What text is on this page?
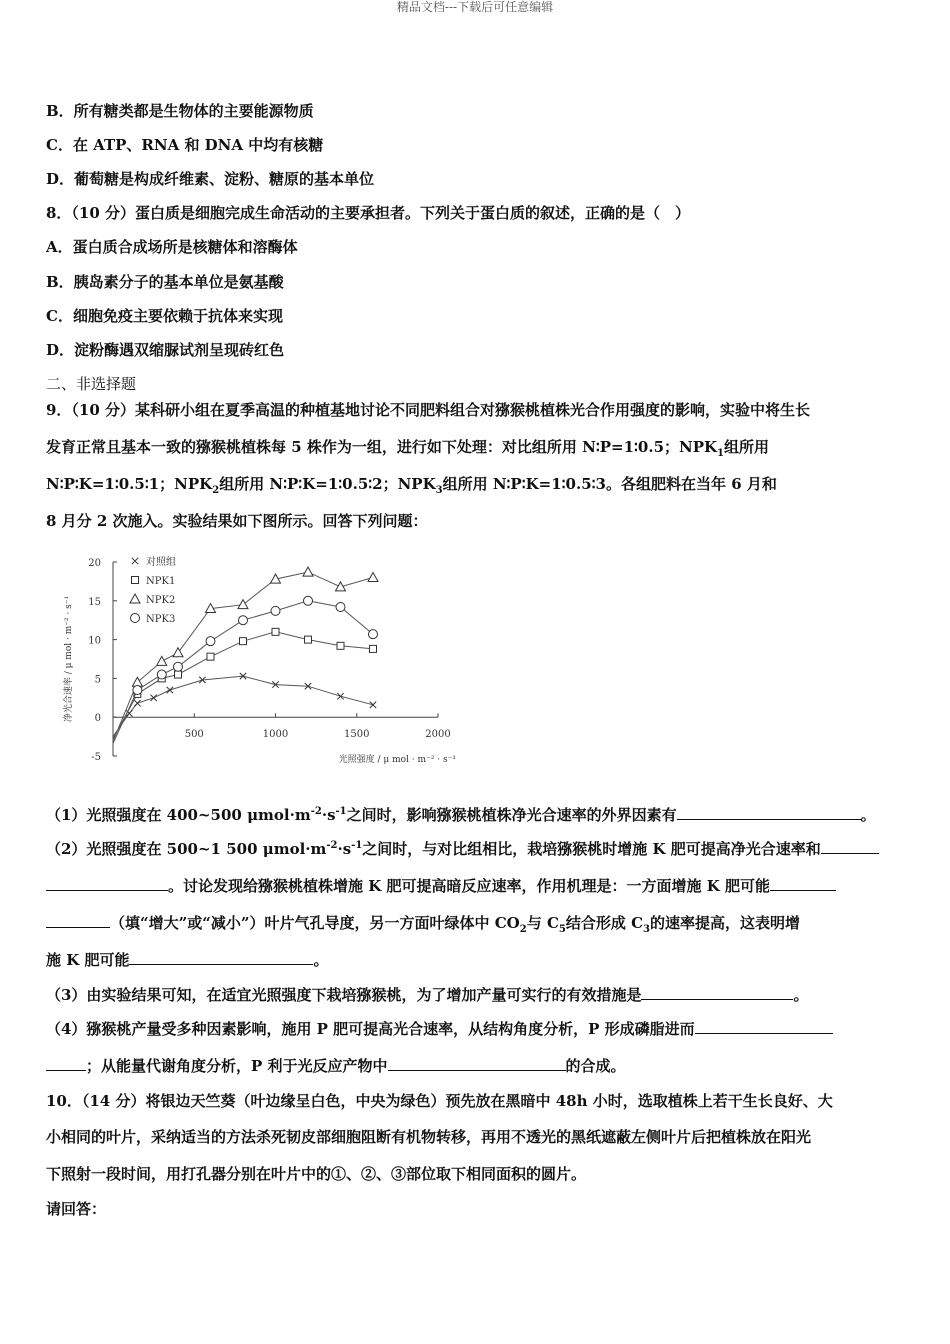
精品文档---下载后可任意编辑
B．所有糖类都是生物体的主要能源物质
C．在 ATP、RNA 和 DNA 中均有核糖
D．葡萄糖是构成纤维素、淀粉、糖原的基本单位
8．（10 分）蛋白质是细胞完成生命活动的主要承担者。下列关于蛋白质的叙述，正确的是（　）
A．蛋白质合成场所是核糖体和溶酶体
B．胰岛素分子的基本单位是氨基酸
C．细胞免疫主要依赖于抗体来实现
D．淀粉酶遇双缩脲试剂呈现砖红色
二、非选择题
9．（10 分）某科研小组在夏季高温的种植基地讨论不同肥料组合对猕猴桃植株光合作用强度的影响，实验中将生长
发育正常且基本一致的猕猴桃植株每 5 株作为一组，进行如下处理：对比组所用 N∶P=1∶0.5；$NPK_1$组所用
N∶P∶K=1∶0.5∶1；$NPK_2$组所用 N∶P∶K=1∶0.5∶2；$NPK_3$组所用 N∶P∶K=1∶0.5∶3。各组肥料在当年 6 月和
8 月分 2 次施入。实验结果如下图所示。回答下列问题：
-5
0
5
10
15
20
500	1000	1500	2000
光照强度 / μ mol · m⁻² · s⁻¹
净光合速率 / μ mol · m⁻² · s⁻¹
对照组
NPK1
NPK2
NPK3
（1）光照强度在 400~500 $\mu mol\cdot m^{-2}\cdot s^{-1}$之间时，影响猕猴桃植株净光合速率的外界因素有	。
（2）光照强度在 500~1 500 $\mu mol\cdot m^{-2}\cdot s^{-1}$之间时，与对比组相比，栽培猕猴桃时增施 K 肥可提高净光合速率和
。讨论发现给猕猴桃植株增施 K 肥可提高暗反应速率，作用机理是：一方面增施 K 肥可能
（填“增大”或“减小”）叶片气孔导度，另一方面叶绿体中 $CO_2$与 $C_5$结合形成 $C_3$的速率提高，这表明增
施 K 肥可能	。
（3）由实验结果可知，在适宜光照强度下栽培猕猴桃，为了增加产量可实行的有效措施是	。
（4）猕猴桃产量受多种因素影响，施用 P 肥可提高光合速率，从结构角度分析，P 形成磷脂进而
；从能量代谢角度分析，P 利于光反应产物中	的合成。
10．（14 分）将银边天竺葵（叶边缘呈白色，中央为绿色）预先放在黑暗中 48h 小时，选取植株上若干生长良好、大
小相同的叶片，采纳适当的方法杀死韧皮部细胞阻断有机物转移，再用不透光的黑纸遮蔽左侧叶片后把植株放在阳光
下照射一段时间，用打孔器分别在叶片中的①、②、③部位取下相同面积的圆片。
请回答：
